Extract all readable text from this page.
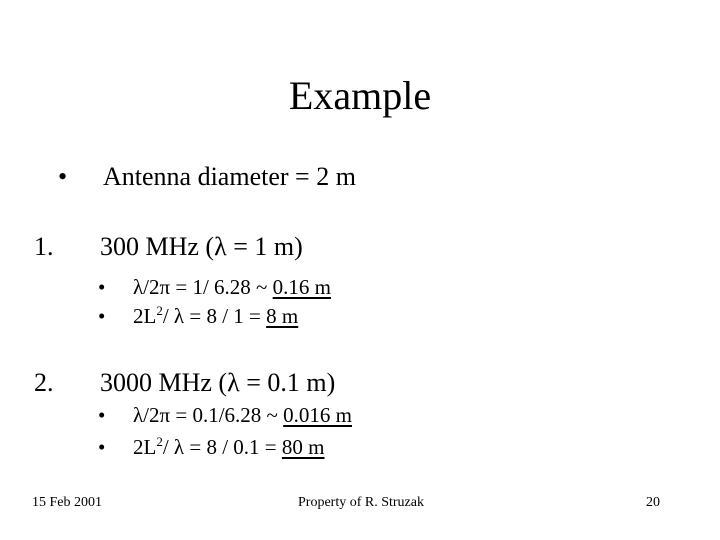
Example
• Antenna diameter = 2 m
1. 300 MHz (λ = 1 m)
• λ/2π = 1/ 6.28 ~ 0.16 m
• $2L^2/$ λ = 8 / 1 = 8 m
2. 3000 MHz (λ = 0.1 m)
• λ/2π = 0.1/6.28 ~ 0.016 m
• $2L^2/$ λ = 8 / 0.1 = 80 m
15 Feb 2001	Property of R. Struzak	20
